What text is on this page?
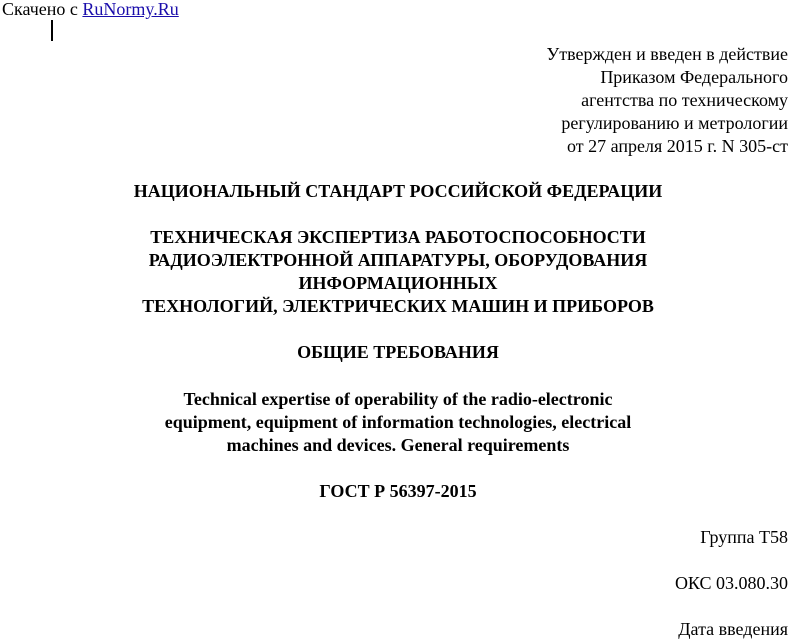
Скачено с RuNormy.Ru
Утвержден и введен в действие
Приказом Федерального
агентства по техническому
регулированию и метрологии
от 27 апреля 2015 г. N 305-ст
НАЦИОНАЛЬНЫЙ СТАНДАРТ РОССИЙСКОЙ ФЕДЕРАЦИИ
ТЕХНИЧЕСКАЯ ЭКСПЕРТИЗА РАБОТОСПОСОБНОСТИ
РАДИОЭЛЕКТРОННОЙ АППАРАТУРЫ, ОБОРУДОВАНИЯ
ИНФОРМАЦИОННЫХ
ТЕХНОЛОГИЙ, ЭЛЕКТРИЧЕСКИХ МАШИН И ПРИБОРОВ
ОБЩИЕ ТРЕБОВАНИЯ
Technical expertise of operability of the radio-electronic
equipment, equipment of information technologies, electrical
machines and devices. General requirements
ГОСТ Р 56397-2015
Группа Т58
ОКС 03.080.30
Дата введения
